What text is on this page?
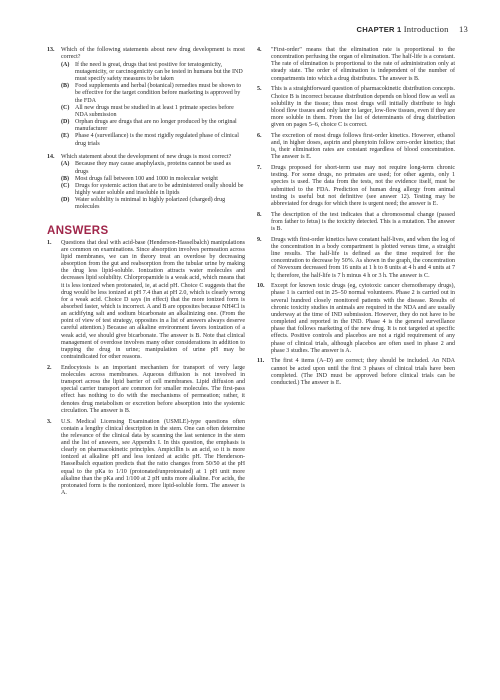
CHAPTER 1 Introduction 13
13. Which of the following statements about new drug development is most correct?
(A) If the need is great, drugs that test positive for teratogenicity, mutagenicity, or carcinogenicity can be tested in humans but the IND must specify safety measures to be taken
(B) Food supplements and herbal (botanical) remedies must be shown to be effective for the target condition before marketing is approved by the FDA
(C) All new drugs must be studied in at least 1 primate species before NDA submission
(D) Orphan drugs are drugs that are no longer produced by the original manufacturer
(E) Phase 4 (surveillance) is the most rigidly regulated phase of clinical drug trials
14. Which statement about the development of new drugs is most correct?
(A) Because they may cause anaphylaxis, proteins cannot be used as drugs
(B) Most drugs fall between 100 and 1000 in molecular weight
(C) Drugs for systemic action that are to be administered orally should be highly water soluble and insoluble in lipids
(D) Water solubility is minimal in highly polarized (charged) drug molecules
ANSWERS
1. Questions that deal with acid-base (Henderson-Hasselbalch) manipulations are common on examinations. Since absorption involves permeation across lipid membranes, we can in theory treat an overdose by decreasing absorption from the gut and reabsorption from the tubular urine by making the drug less lipid-soluble. Ionization attracts water molecules and decreases lipid solubility. Chlorpropamide is a weak acid, which means that it is less ionized when protonated, ie, at acid pH. Choice C suggests that the drug would be less ionized at pH 7.4 than at pH 2.0, which is clearly wrong for a weak acid. Choice D says (in effect) that the more ionized form is absorbed faster, which is incorrect. A and B are opposites because NH4Cl is an acidifying salt and sodium bicarbonate an alkalinizing one. (From the point of view of test strategy, opposites in a list of answers always deserve careful attention.) Because an alkaline environment favors ionization of a weak acid, we should give bicarbonate. The answer is B. Note that clinical management of overdose involves many other considerations in addition to trapping the drug in urine; manipulation of urine pH may be contraindicated for other reasons.
2. Endocytosis is an important mechanism for transport of very large molecules across membranes. Aqueous diffusion is not involved in transport across the lipid barrier of cell membranes. Lipid diffusion and special carrier transport are common for smaller molecules. The first-pass effect has nothing to do with the mechanisms of permeation; rather, it denotes drug metabolism or excretion before absorption into the systemic circulation. The answer is B.
3. U.S. Medical Licensing Examination (USMLE)-type questions often contain a lengthy clinical description in the stem. One can often determine the relevance of the clinical data by scanning the last sentence in the stem and the list of answers, see Appendix I. In this question, the emphasis is clearly on pharmacokinetic principles. Ampicillin is an acid, so it is more ionized at alkaline pH and less ionized at acidic pH. The Henderson-Hasselbalch equation predicts that the ratio changes from 50/50 at the pH equal to the pKa to 1/10 (protonated/unprotonated) at 1 pH unit more alkaline than the pKa and 1/100 at 2 pH units more alkaline. For acids, the protonated form is the nonionized, more lipid-soluble form. The answer is A.
4. "First-order" means that the elimination rate is proportional to the concentration perfusing the organ of elimination. The half-life is a constant. The rate of elimination is proportional to the rate of administration only at steady state. The order of elimination is independent of the number of compartments into which a drug distributes. The answer is B.
5. This is a straightforward question of pharmacokinetic distribution concepts. Choice B is incorrect because distribution depends on blood flow as well as solubility in the tissue; thus most drugs will initially distribute to high blood flow tissues and only later to larger, low-flow tissues, even if they are more soluble in them. From the list of determinants of drug distribution given on pages 5–6, choice C is correct.
6. The excretion of most drugs follows first-order kinetics. However, ethanol and, in higher doses, aspirin and phenytoin follow zero-order kinetics; that is, their elimination rates are constant regardless of blood concentration. The answer is E.
7. Drugs proposed for short-term use may not require long-term chronic testing. For some drugs, no primates are used; for other agents, only 1 species is used. The data from the tests, not the evidence itself, must be submitted to the FDA. Prediction of human drug allergy from animal testing is useful but not definitive (see answer 12). Testing may be abbreviated for drugs for which there is urgent need; the answer is E.
8. The description of the test indicates that a chromosomal change (passed from father to fetus) is the toxicity detected. This is a mutation. The answer is B.
9. Drugs with first-order kinetics have constant half-lives, and when the log of the concentration in a body compartment is plotted versus time, a straight line results. The half-life is defined as the time required for the concentration to decrease by 50%. As shown in the graph, the concentration of Novexum decreased from 16 units at 1 h to 8 units at 4 h and 4 units at 7 h; therefore, the half-life is 7 h minus 4 h or 3 h. The answer is C.
10. Except for known toxic drugs (eg, cytotoxic cancer chemotherapy drugs), phase 1 is carried out in 25–50 normal volunteers. Phase 2 is carried out in several hundred closely monitored patients with the disease. Results of chronic toxicity studies in animals are required in the NDA and are usually underway at the time of IND submission. However, they do not have to be completed and reported in the IND. Phase 4 is the general surveillance phase that follows marketing of the new drug. It is not targeted at specific effects. Positive controls and placebos are not a rigid requirement of any phase of clinical trials, although placebos are often used in phase 2 and phase 3 studies. The answer is A.
11. The first 4 items (A–D) are correct; they should be included. An NDA cannot be acted upon until the first 3 phases of clinical trials have been completed. (The IND must be approved before clinical trials can be conducted.) The answer is E.
